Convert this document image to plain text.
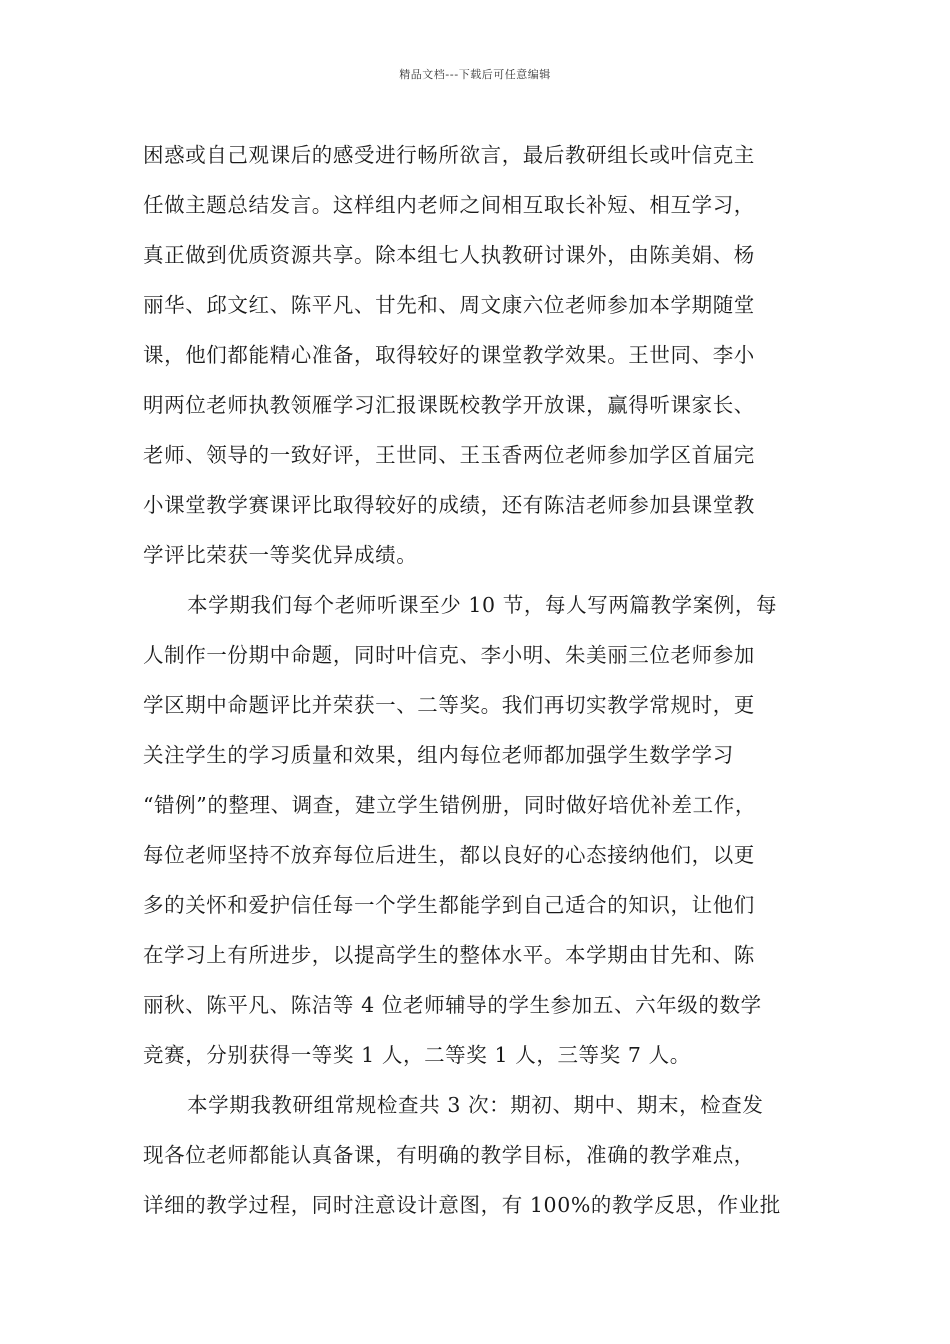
精品文档---下载后可任意编辑

困惑或自己观课后的感受进行畅所欲言，最后教研组长或叶信克主

任做主题总结发言。这样组内老师之间相互取长补短、相互学习，

真正做到优质资源共享。除本组七人执教研讨课外，由陈美娟、杨

丽华、邱文红、陈平凡、甘先和、周文康六位老师参加本学期随堂

课，他们都能精心准备，取得较好的课堂教学效果。王世同、李小

明两位老师执教领雁学习汇报课既校教学开放课，赢得听课家长、

老师、领导的一致好评，王世同、王玉香两位老师参加学区首届完

小课堂教学赛课评比取得较好的成绩，还有陈洁老师参加县课堂教

学评比荣获一等奖优异成绩。

本学期我们每个老师听课至少 10 节，每人写两篇教学案例，每

人制作一份期中命题，同时叶信克、李小明、朱美丽三位老师参加

学区期中命题评比并荣获一、二等奖。我们再切实教学常规时，更

关注学生的学习质量和效果，组内每位老师都加强学生数学学习

“错例”的整理、调查，建立学生错例册，同时做好培优补差工作，

每位老师坚持不放弃每位后进生，都以良好的心态接纳他们，以更

多的关怀和爱护信任每一个学生都能学到自己适合的知识，让他们

在学习上有所进步，以提高学生的整体水平。本学期由甘先和、陈

丽秋、陈平凡、陈洁等 4 位老师辅导的学生参加五、六年级的数学

竞赛，分别获得一等奖 1 人，二等奖 1 人，三等奖 7 人。

本学期我教研组常规检查共 3 次：期初、期中、期末，检查发

现各位老师都能认真备课，有明确的教学目标，准确的教学难点，

详细的教学过程，同时注意设计意图，有 100%的教学反思，作业批
